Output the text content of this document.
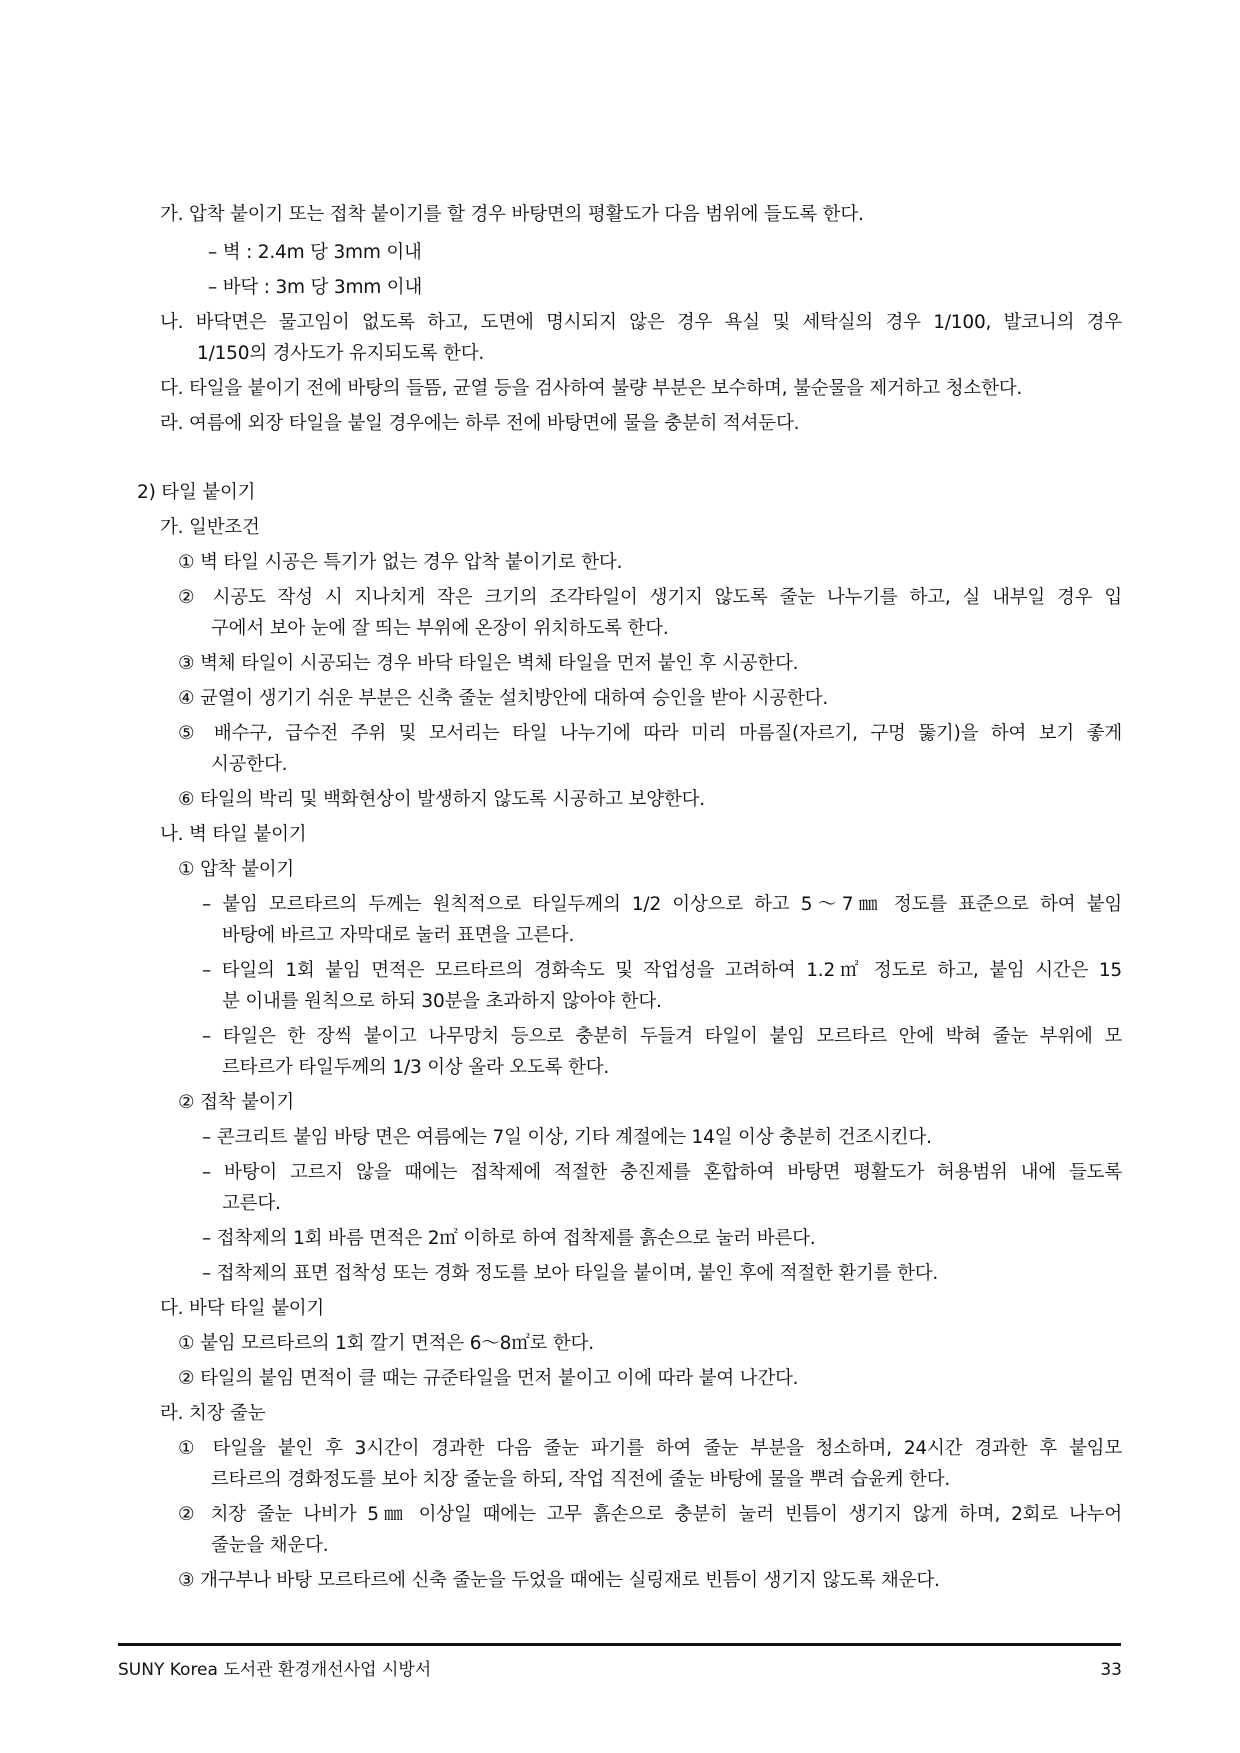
가. 압착 붙이기 또는 접착 붙이기를 할 경우 바탕면의 평활도가 다음 범위에 들도록 한다.
– 벽 : 2.4m 당 3mm 이내
– 바닥 : 3m 당 3mm 이내
나. 바닥면은 물고임이 없도록 하고, 도면에 명시되지 않은 경우 욕실 및 세탁실의 경우 1/100, 발코니의 경우
1/150의 경사도가 유지되도록 한다.
다. 타일을 붙이기 전에 바탕의 들뜸, 균열 등을 검사하여 불량 부분은 보수하며, 불순물을 제거하고 청소한다.
라. 여름에 외장 타일을 붙일 경우에는 하루 전에 바탕면에 물을 충분히 적셔둔다.
2) 타일 붙이기
가. 일반조건
① 벽 타일 시공은 특기가 없는 경우 압착 붙이기로 한다.
② 시공도 작성 시 지나치게 작은 크기의 조각타일이 생기지 않도록 줄눈 나누기를 하고, 실 내부일 경우 입
구에서 보아 눈에 잘 띄는 부위에 온장이 위치하도록 한다.
③ 벽체 타일이 시공되는 경우 바닥 타일은 벽체 타일을 먼저 붙인 후 시공한다.
④ 균열이 생기기 쉬운 부분은 신축 줄눈 설치방안에 대하여 승인을 받아 시공한다.
⑤ 배수구, 급수전 주위 및 모서리는 타일 나누기에 따라 미리 마름질(자르기, 구멍 뚫기)을 하여 보기 좋게
시공한다.
⑥ 타일의 박리 및 백화현상이 발생하지 않도록 시공하고 보양한다.
나. 벽 타일 붙이기
① 압착 붙이기
– 붙임 모르타르의 두께는 원칙적으로 타일두께의 1/2 이상으로 하고 5～7㎜ 정도를 표준으로 하여 붙임
바탕에 바르고 자막대로 눌러 표면을 고른다.
– 타일의 1회 붙임 면적은 모르타르의 경화속도 및 작업성을 고려하여 1.2㎡ 정도로 하고, 붙임 시간은 15
분 이내를 원칙으로 하되 30분을 초과하지 않아야 한다.
– 타일은 한 장씩 붙이고 나무망치 등으로 충분히 두들겨 타일이 붙임 모르타르 안에 박혀 줄눈 부위에 모
르타르가 타일두께의 1/3 이상 올라 오도록 한다.
② 접착 붙이기
– 콘크리트 붙임 바탕 면은 여름에는 7일 이상, 기타 계절에는 14일 이상 충분히 건조시킨다.
– 바탕이 고르지 않을 때에는 접착제에 적절한 충진제를 혼합하여 바탕면 평활도가 허용범위 내에 들도록
고른다.
– 접착제의 1회 바름 면적은 2㎡ 이하로 하여 접착제를 흙손으로 눌러 바른다.
– 접착제의 표면 접착성 또는 경화 정도를 보아 타일을 붙이며, 붙인 후에 적절한 환기를 한다.
다. 바닥 타일 붙이기
① 붙임 모르타르의 1회 깔기 면적은 6～8㎡로 한다.
② 타일의 붙임 면적이 클 때는 규준타일을 먼저 붙이고 이에 따라 붙여 나간다.
라. 치장 줄눈
① 타일을 붙인 후 3시간이 경과한 다음 줄눈 파기를 하여 줄눈 부분을 청소하며, 24시간 경과한 후 붙임모
르타르의 경화정도를 보아 치장 줄눈을 하되, 작업 직전에 줄눈 바탕에 물을 뿌려 습윤케 한다.
② 치장 줄눈 나비가 5㎜ 이상일 때에는 고무 흙손으로 충분히 눌러 빈틈이 생기지 않게 하며, 2회로 나누어
줄눈을 채운다.
③ 개구부나 바탕 모르타르에 신축 줄눈을 두었을 때에는 실링재로 빈틈이 생기지 않도록 채운다.
SUNY Korea 도서관 환경개선사업 시방서	33
